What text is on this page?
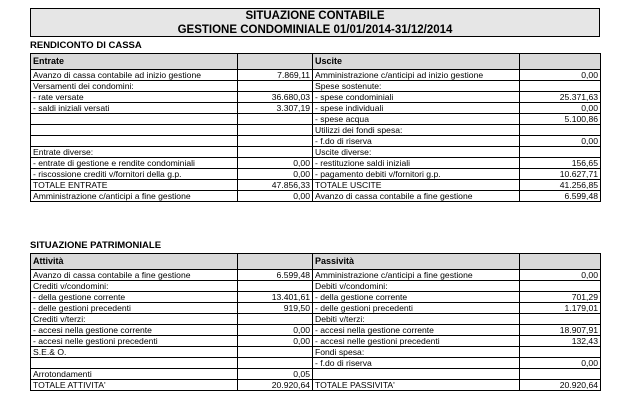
SITUAZIONE CONTABILE
GESTIONE CONDOMINIALE 01/01/2014-31/12/2014
RENDICONTO DI CASSA
Entrate		Uscite	
Avanzo di cassa contabile ad inizio gestione	7.869,11	Amministrazione c/anticipi ad inizio gestione	0,00
Versamenti dei condomini:		Spese sostenute:	
- rate versate	36.680,03	- spese condominiali	25.371,63
- saldi iniziali versati	3.307,19	- spese individuali	0,00
		- spese acqua	5.100,86
		Utilizzi dei fondi spesa:	
		- f.do di riserva	0,00
Entrate diverse:		Uscite diverse:	
- entrate di gestione e rendite condominiali	0,00	- restituzione saldi iniziali	156,65
- riscossione crediti v/fornitori della g.p.	0,00	- pagamento debiti v/fornitori g.p.	10.627,71
TOTALE ENTRATE	47.856,33	TOTALE USCITE	41.256,85
Amministrazione c/anticipi a fine gestione	0,00	Avanzo di cassa contabile a fine gestione	6.599,48
SITUAZIONE PATRIMONIALE
Attività		Passività	
Avanzo di cassa contabile a fine gestione	6.599,48	Amministrazione c/anticipi a fine gestione	0,00
Crediti v/condomini:		Debiti v/condomini:	
- della gestione corrente	13.401,61	- della gestione corrente	701,29
- delle gestioni precedenti	919,50	- delle gestioni precedenti	1.179,01
Crediti v/terzi:		Debiti v/terzi:	
- accesi nella gestione corrente	0,00	- accesi nella gestione corrente	18.907,91
- accesi nelle gestioni precedenti	0,00	- accesi nelle gestioni precedenti	132,43
S.E.& O.		Fondi spesa:	
		- f.do di riserva	0,00
Arrotondamenti	0,05		
TOTALE ATTIVITA'	20.920,64	TOTALE PASSIVITA'	20.920,64
